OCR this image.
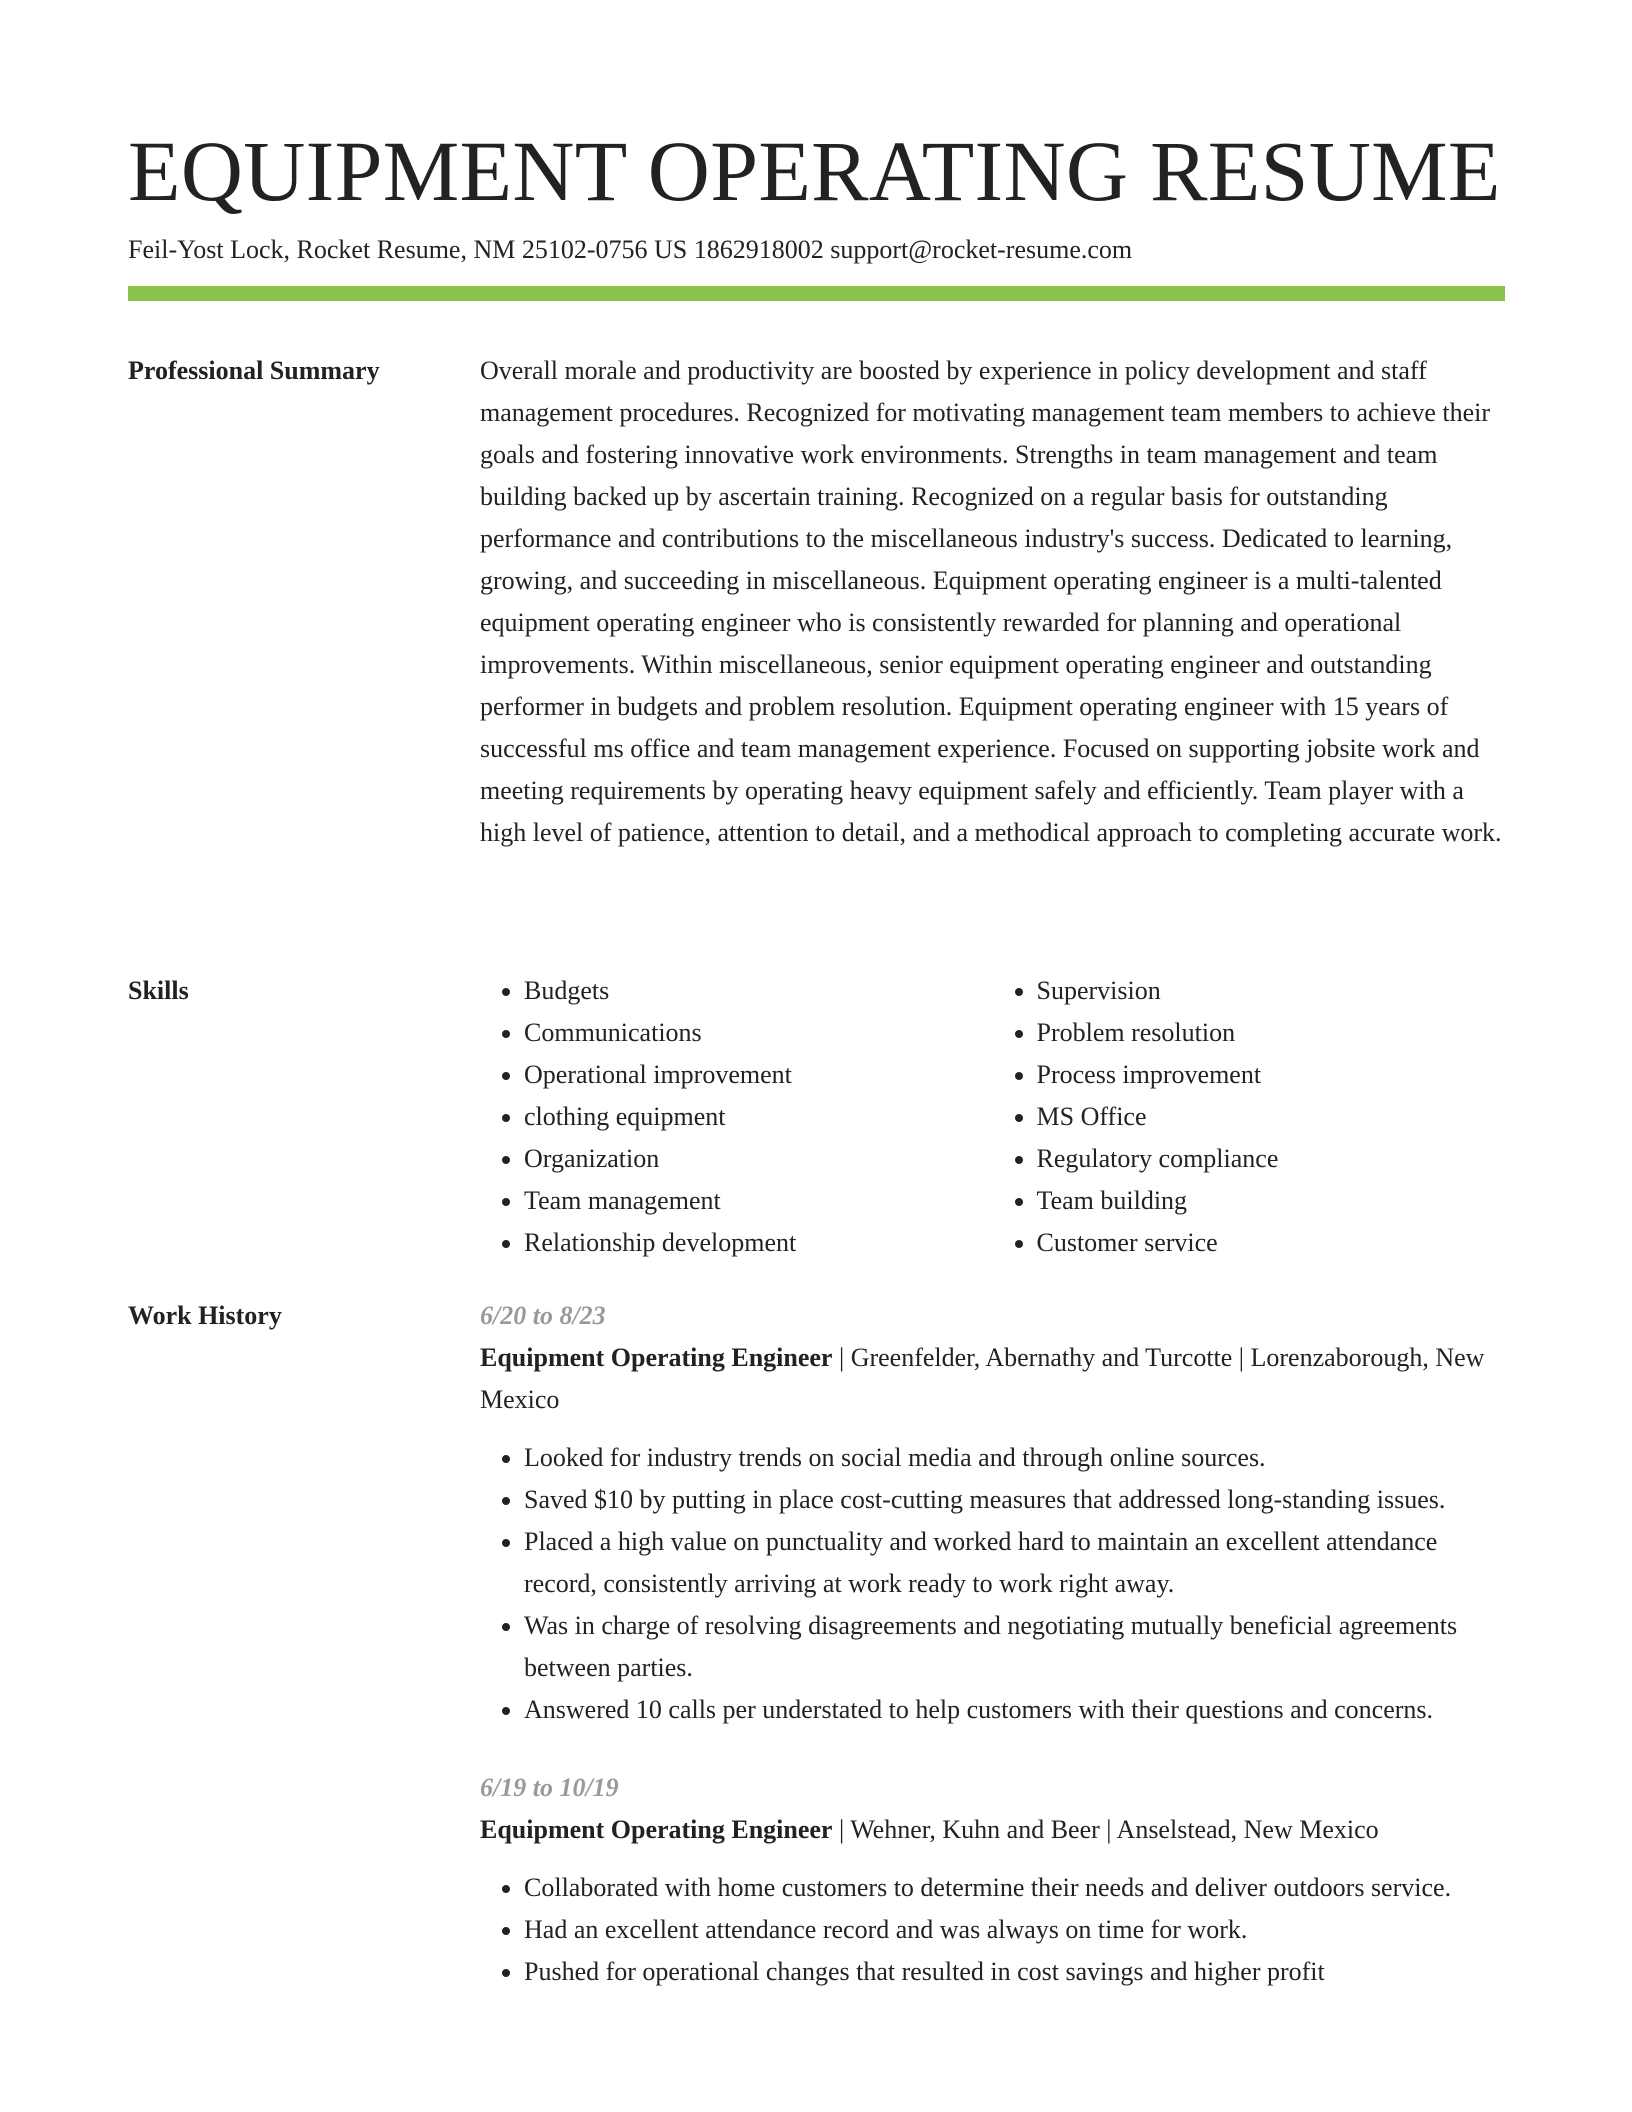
EQUIPMENT OPERATING RESUME
Feil-Yost Lock, Rocket Resume, NM 25102-0756 US 1862918002 support@rocket-resume.com
Professional Summary	Overall morale and productivity are boosted by experience in policy development and staff management procedures. Recognized for motivating management team members to achieve their goals and fostering innovative work environments. Strengths in team management and team building backed up by ascertain training. Recognized on a regular basis for outstanding performance and contributions to the miscellaneous industry's success. Dedicated to learning, growing, and succeeding in miscellaneous. Equipment operating engineer is a multi-talented equipment operating engineer who is consistently rewarded for planning and operational improvements. Within miscellaneous, senior equipment operating engineer and outstanding performer in budgets and problem resolution. Equipment operating engineer with 15 years of successful ms office and team management experience. Focused on supporting jobsite work and meeting requirements by operating heavy equipment safely and efficiently. Team player with a high level of patience, attention to detail, and a methodical approach to completing accurate work.

Skills
•	Budgets
• Communications
• Operational improvement
• clothing equipment
• Organization
• Team management
• Relationship development
• Supervision
• Problem resolution
• Process improvement
• MS Office
• Regulatory compliance
• Team building
• Customer service
Work History	6/20 to 8/23
Equipment Operating Engineer | Greenfelder, Abernathy and Turcotte | Lorenzaborough, New Mexico
• Looked for industry trends on social media and through online sources.
• Saved $10 by putting in place cost-cutting measures that addressed long-standing issues.
• Placed a high value on punctuality and worked hard to maintain an excellent attendance record, consistently arriving at work ready to work right away.
• Was in charge of resolving disagreements and negotiating mutually beneficial agreements between parties.
• Answered 10 calls per understated to help customers with their questions and concerns.
6/19 to 10/19
Equipment Operating Engineer | Wehner, Kuhn and Beer | Anselstead, New Mexico
• Collaborated with home customers to determine their needs and deliver outdoors service.
• Had an excellent attendance record and was always on time for work.
• Pushed for operational changes that resulted in cost savings and higher profit
